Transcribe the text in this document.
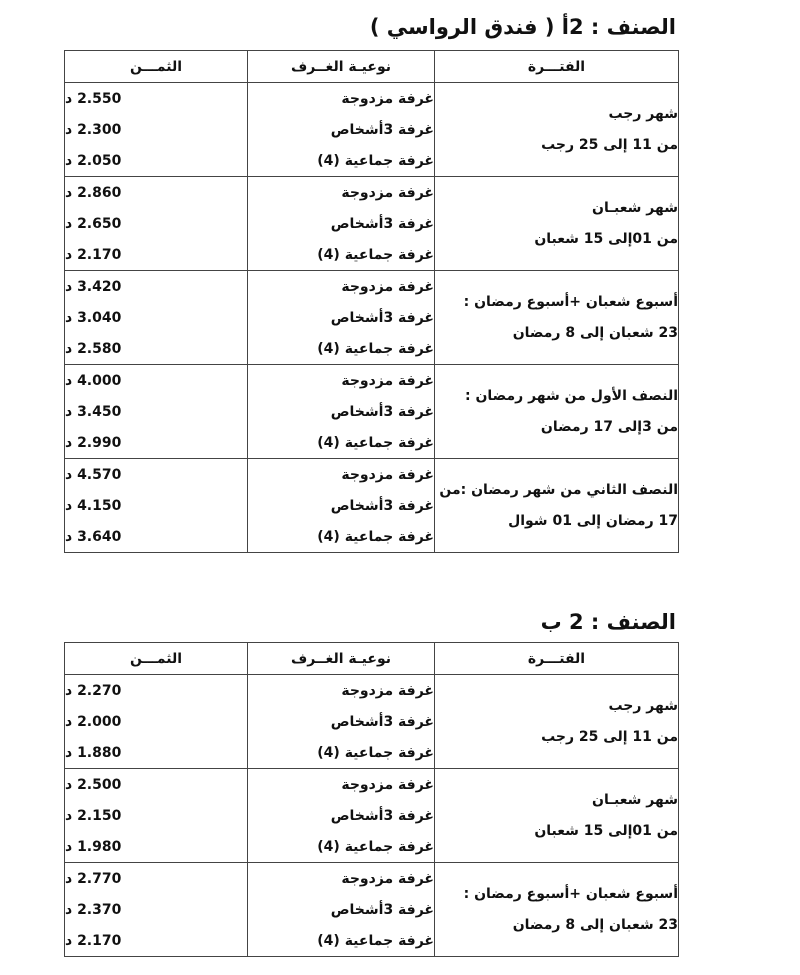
الصنف : 2أ ( فندق الرواسي )
الفتـــرة	نوعيـة الغــرف	الثمـــن

شهر رجب
من 11 إلى 25 رجب	غرفة مزدوجة	2.550 د
	غرفة 3أشخاص	2.300 د
	غرفة جماعية (4)	2.050 د

شهر شعبـان
من 01إلى 15 شعبان	غرفة مزدوجة	2.860 د
	غرفة 3أشخاص	2.650 د
	غرفة جماعية (4)	2.170 د

أسبوع شعبان +أسبوع رمضان :
23 شعبان إلى 8 رمضان	غرفة مزدوجة	3.420 د
	غرفة 3أشخاص	3.040 د
	غرفة جماعية (4)	2.580 د

النصف الأول من شهر رمضان :
من 3إلى 17 رمضان	غرفة مزدوجة	4.000 د
	غرفة 3أشخاص	3.450 د
	غرفة جماعية (4)	2.990 د

النصف الثاني من شهر رمضان :من
17 رمضان إلى 01 شوال	غرفة مزدوجة	4.570 د
	غرفة 3أشخاص	4.150 د
	غرفة جماعية (4)	3.640 د
الصنف : 2 ب
الفتـــرة	نوعيـة الغــرف	الثمـــن

شهر رجب
من 11 إلى 25 رجب	غرفة مزدوجة	2.270 د
	غرفة 3أشخاص	2.000 د
	غرفة جماعية (4)	1.880 د

شهر شعبـان
من 01إلى 15 شعبان	غرفة مزدوجة	2.500 د
	غرفة 3أشخاص	2.150 د
	غرفة جماعية (4)	1.980 د

أسبوع شعبان +أسبوع رمضان :
23 شعبان إلى 8 رمضان	غرفة مزدوجة	2.770 د
	غرفة 3أشخاص	2.370 د
	غرفة جماعية (4)	2.170 د
